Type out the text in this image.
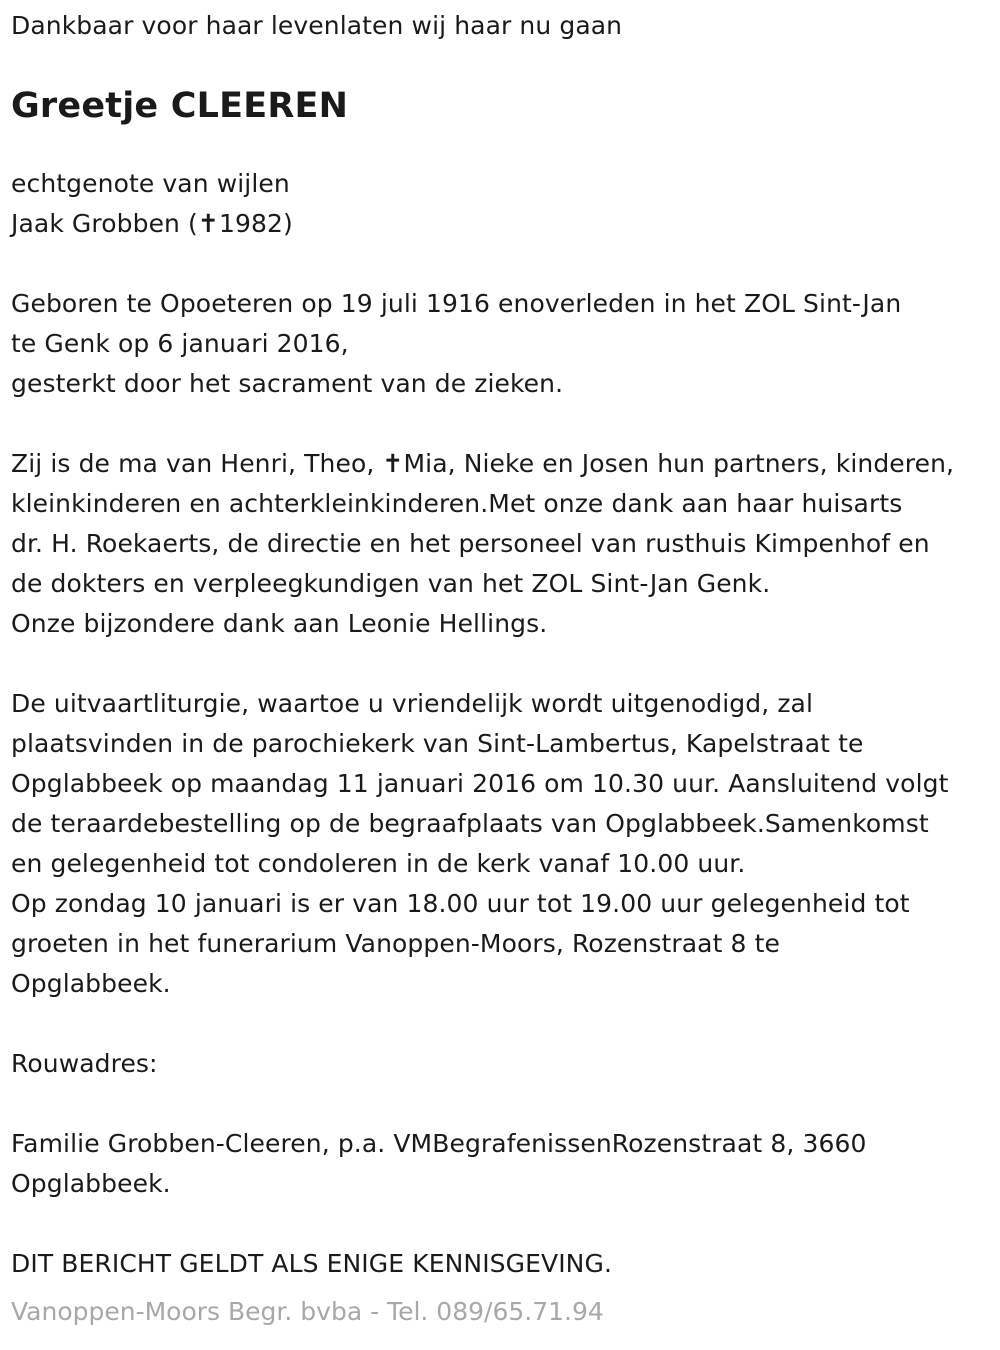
Dankbaar voor haar levenlaten wij haar nu gaan

Greetje CLEEREN

echtgenote van wijlen

Jaak Grobben (✝1982)

Geboren te Opoeteren op 19 juli 1916 enoverleden in het ZOL Sint-Jan

te Genk op 6 januari 2016,

gesterkt door het sacrament van de zieken.

Zij is de ma van Henri, Theo, ✝Mia, Nieke en Josen hun partners, kinderen,

kleinkinderen en achterkleinkinderen.Met onze dank aan haar huisarts

dr. H. Roekaerts, de directie en het personeel van rusthuis Kimpenhof en

de dokters en verpleegkundigen van het ZOL Sint-Jan Genk.

Onze bijzondere dank aan Leonie Hellings.

De uitvaartliturgie, waartoe u vriendelijk wordt uitgenodigd, zal

plaatsvinden in de parochiekerk van Sint-Lambertus, Kapelstraat te

Opglabbeek op maandag 11 januari 2016 om 10.30 uur. Aansluitend volgt

de teraardebestelling op de begraafplaats van Opglabbeek.Samenkomst

en gelegenheid tot condoleren in de kerk vanaf 10.00 uur.

Op zondag 10 januari is er van 18.00 uur tot 19.00 uur gelegenheid tot

groeten in het funerarium Vanoppen-Moors, Rozenstraat 8 te

Opglabbeek.

Rouwadres:

Familie Grobben-Cleeren, p.a. VMBegrafenissenRozenstraat 8, 3660

Opglabbeek.

DIT BERICHT GELDT ALS ENIGE KENNISGEVING.

Vanoppen-Moors Begr. bvba - Tel. 089/65.71.94
